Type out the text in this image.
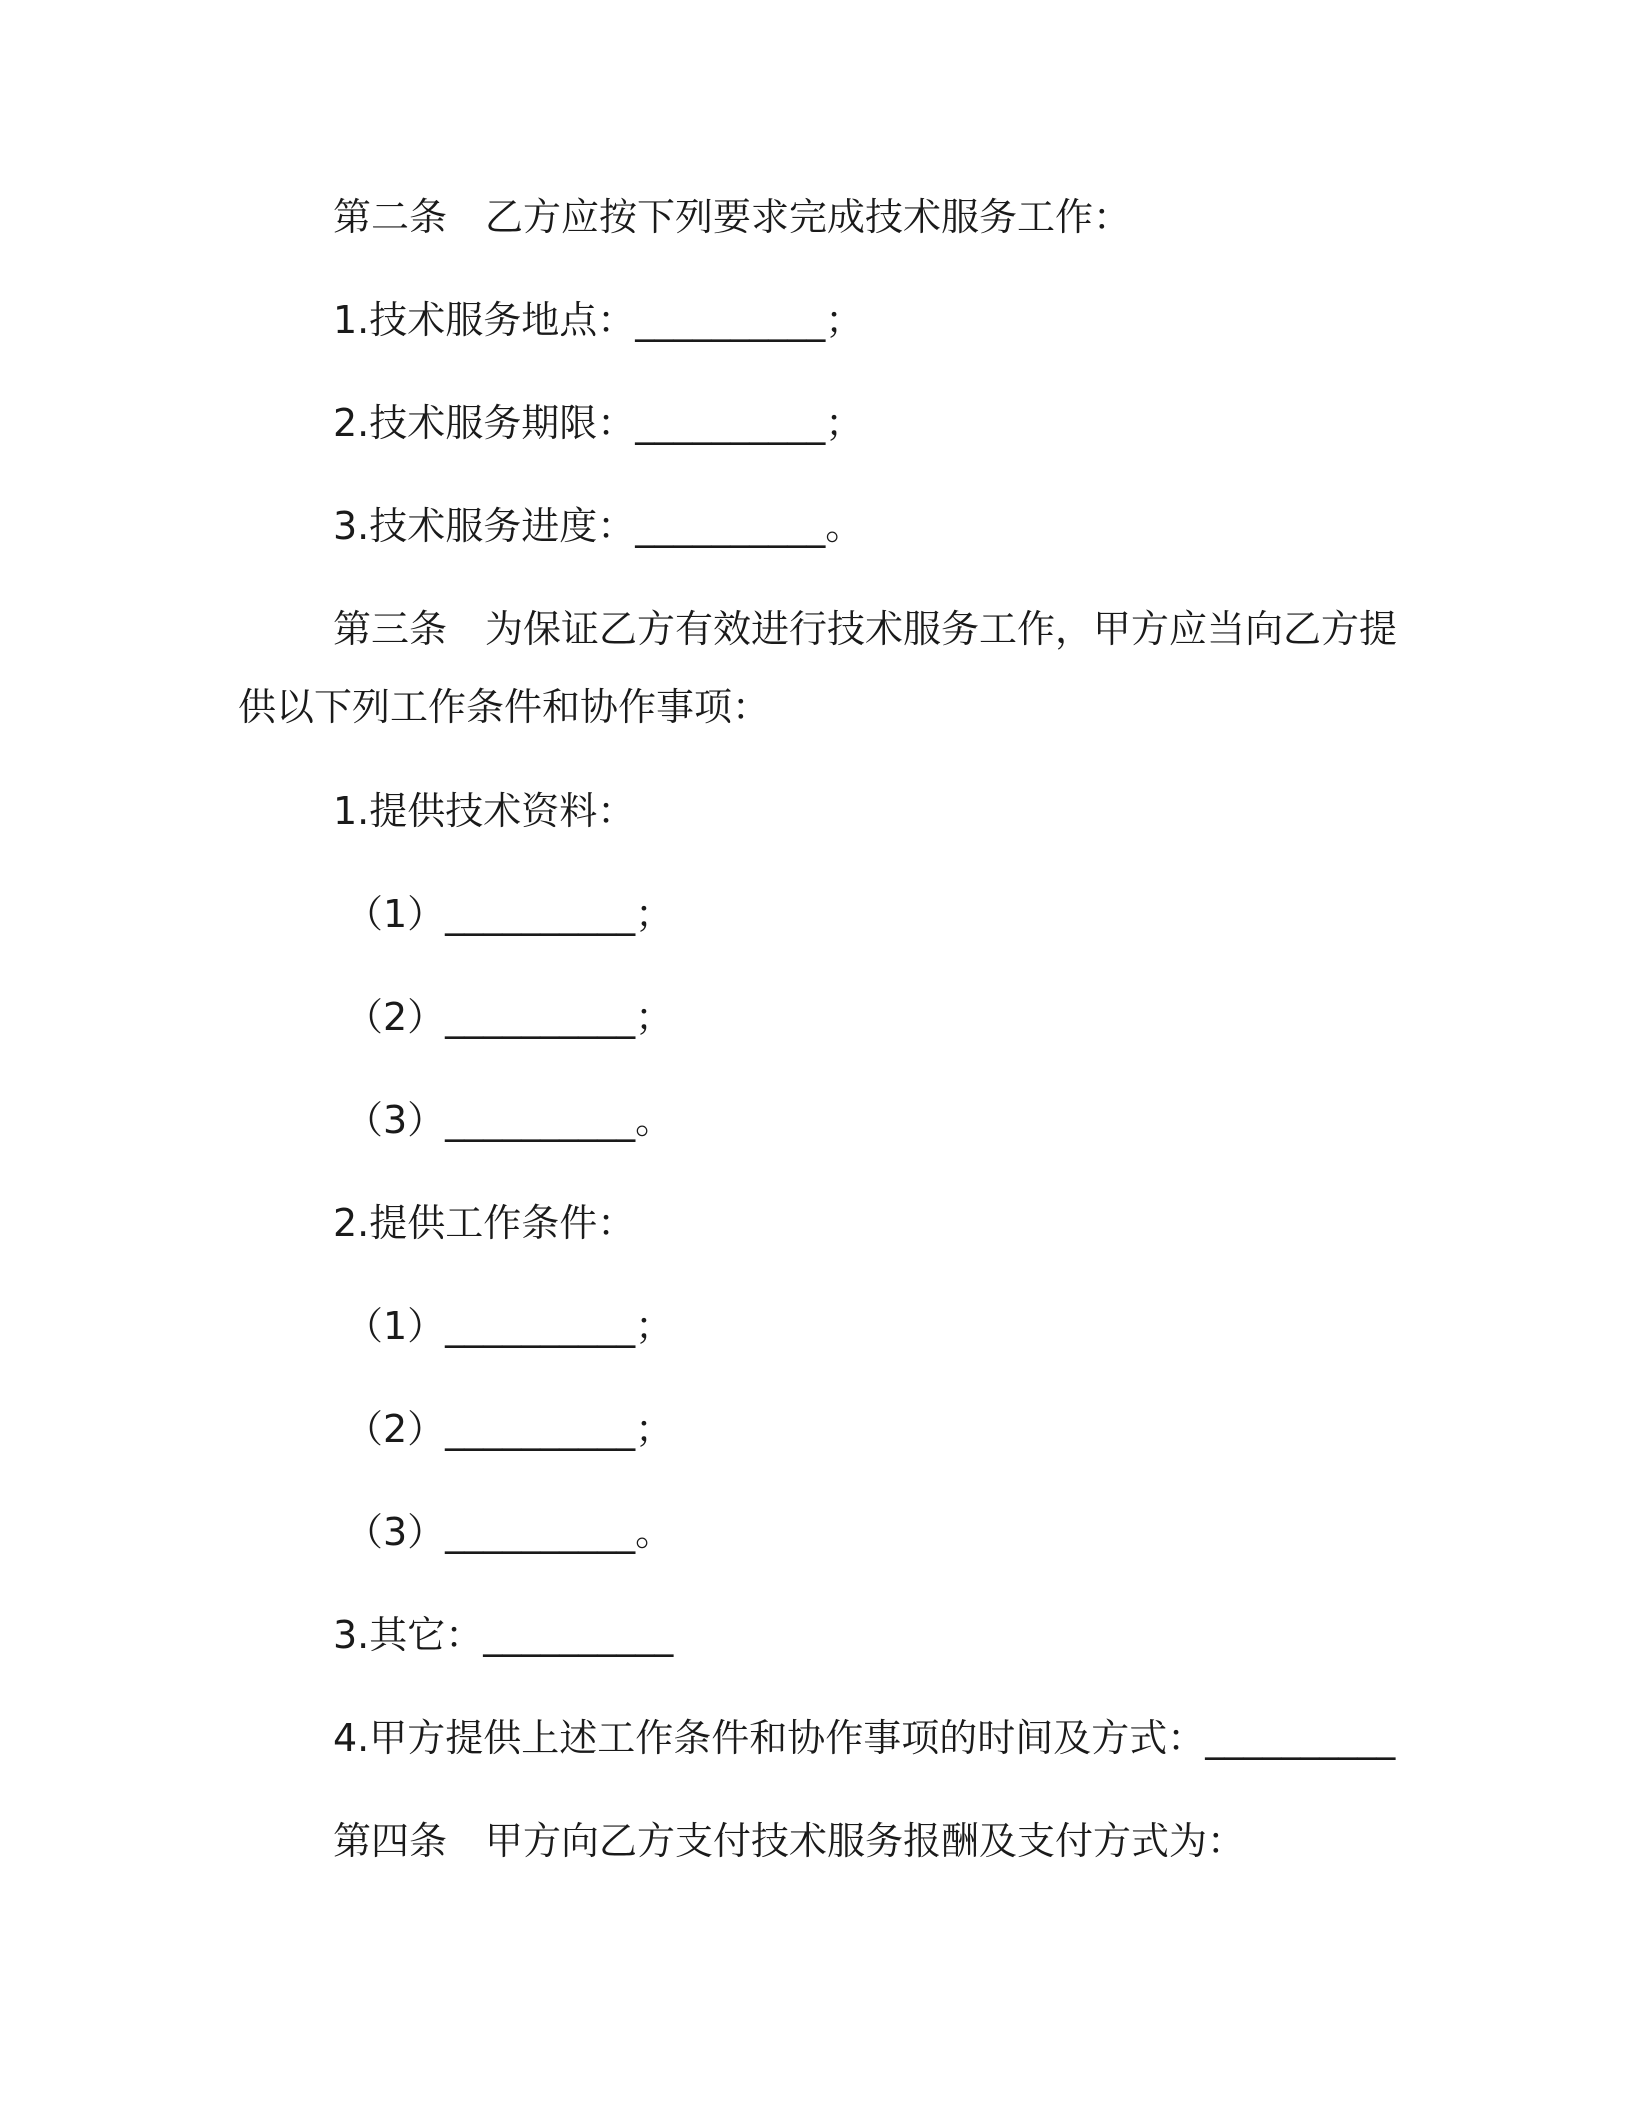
第二条　乙方应按下列要求完成技术服务工作：

1.技术服务地点：__________；

2.技术服务期限：__________；

3.技术服务进度：__________。

第三条　为保证乙方有效进行技术服务工作，甲方应当向乙方提

供以下列工作条件和协作事项：

1.提供技术资料：

（1）__________；

（2）__________；

（3）__________。

2.提供工作条件：

（1）__________；

（2）__________；

（3）__________。

3.其它：__________

4.甲方提供上述工作条件和协作事项的时间及方式：__________

第四条　甲方向乙方支付技术服务报酬及支付方式为：
